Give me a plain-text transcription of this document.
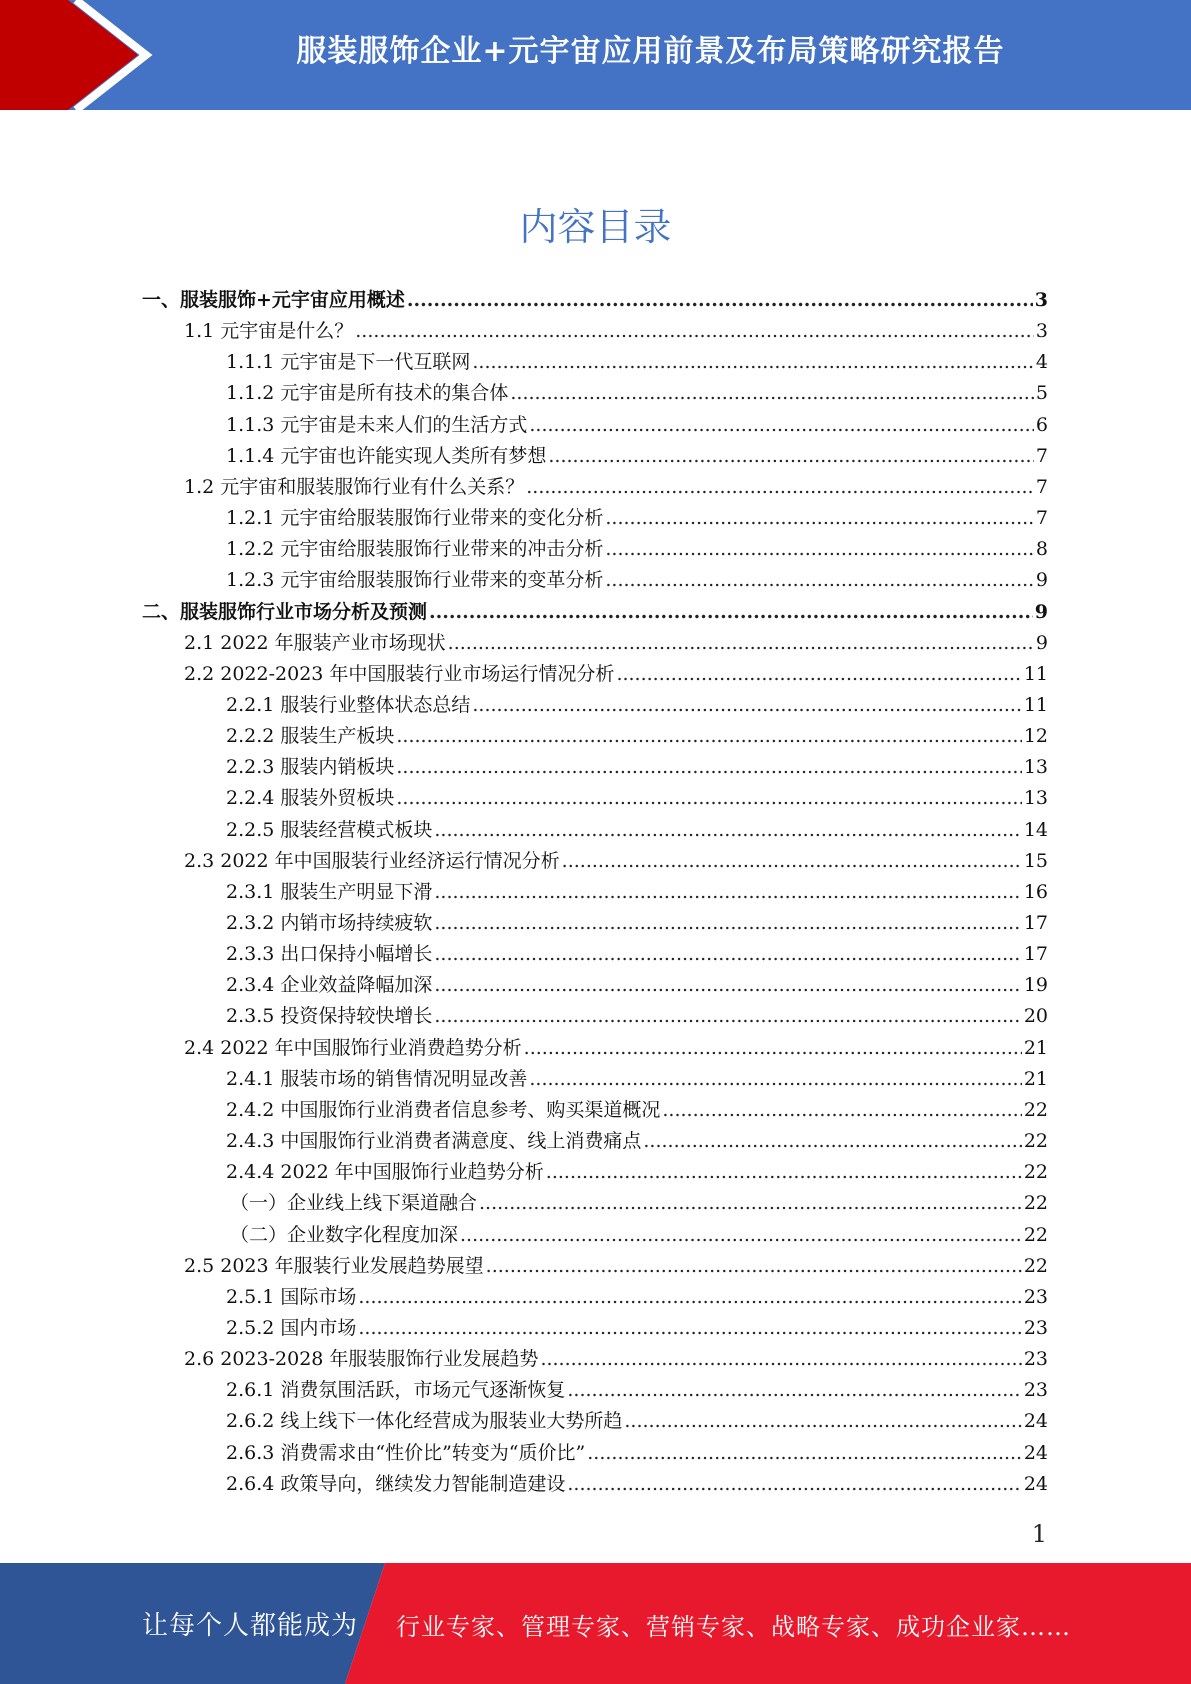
服装服饰企业+元宇宙应用前景及布局策略研究报告
内容目录
一、服装服饰+元宇宙应用概述 .....	3
1.1 元宇宙是什么？ .....	3
1.1.1 元宇宙是下一代互联网 .....	4
1.1.2 元宇宙是所有技术的集合体 .....	5
1.1.3 元宇宙是未来人们的生活方式 .....	6
1.1.4 元宇宙也许能实现人类所有梦想 .....	7
1.2 元宇宙和服装服饰行业有什么关系？ .....	7
1.2.1 元宇宙给服装服饰行业带来的变化分析 .....	7
1.2.2 元宇宙给服装服饰行业带来的冲击分析 .....	8
1.2.3 元宇宙给服装服饰行业带来的变革分析 .....	9
二、服装服饰行业市场分析及预测 .....	9
2.1 2022 年服装产业市场现状 .....	9
2.2 2022-2023 年中国服装行业市场运行情况分析 .....	11
2.2.1 服装行业整体状态总结 .....	11
2.2.2 服装生产板块 .....	12
2.2.3 服装内销板块 .....	13
2.2.4 服装外贸板块 .....	13
2.2.5 服装经营模式板块 .....	14
2.3 2022 年中国服装行业经济运行情况分析 .....	15
2.3.1 服装生产明显下滑 .....	16
2.3.2 内销市场持续疲软 .....	17
2.3.3 出口保持小幅增长 .....	17
2.3.4 企业效益降幅加深 .....	19
2.3.5 投资保持较快增长 .....	20
2.4 2022 年中国服饰行业消费趋势分析 .....	21
2.4.1 服装市场的销售情况明显改善 .....	21
2.4.2 中国服饰行业消费者信息参考、购买渠道概况 .....	22
2.4.3 中国服饰行业消费者满意度、线上消费痛点 .....	22
2.4.4 2022 年中国服饰行业趋势分析 .....	22
（一）企业线上线下渠道融合 .....	22
（二）企业数字化程度加深 .....	22
2.5 2023 年服装行业发展趋势展望 .....	22
2.5.1 国际市场 .....	23
2.5.2 国内市场 .....	23
2.6 2023-2028 年服装服饰行业发展趋势 .....	23
2.6.1 消费氛围活跃，市场元气逐渐恢复 .....	23
2.6.2 线上线下一体化经营成为服装业大势所趋 .....	24
2.6.3 消费需求由“性价比”转变为“质价比” .....	24
2.6.4 政策导向，继续发力智能制造建设 .....	24
1
让每个人都能成为 行业专家、管理专家、营销专家、战略专家、成功企业家……
